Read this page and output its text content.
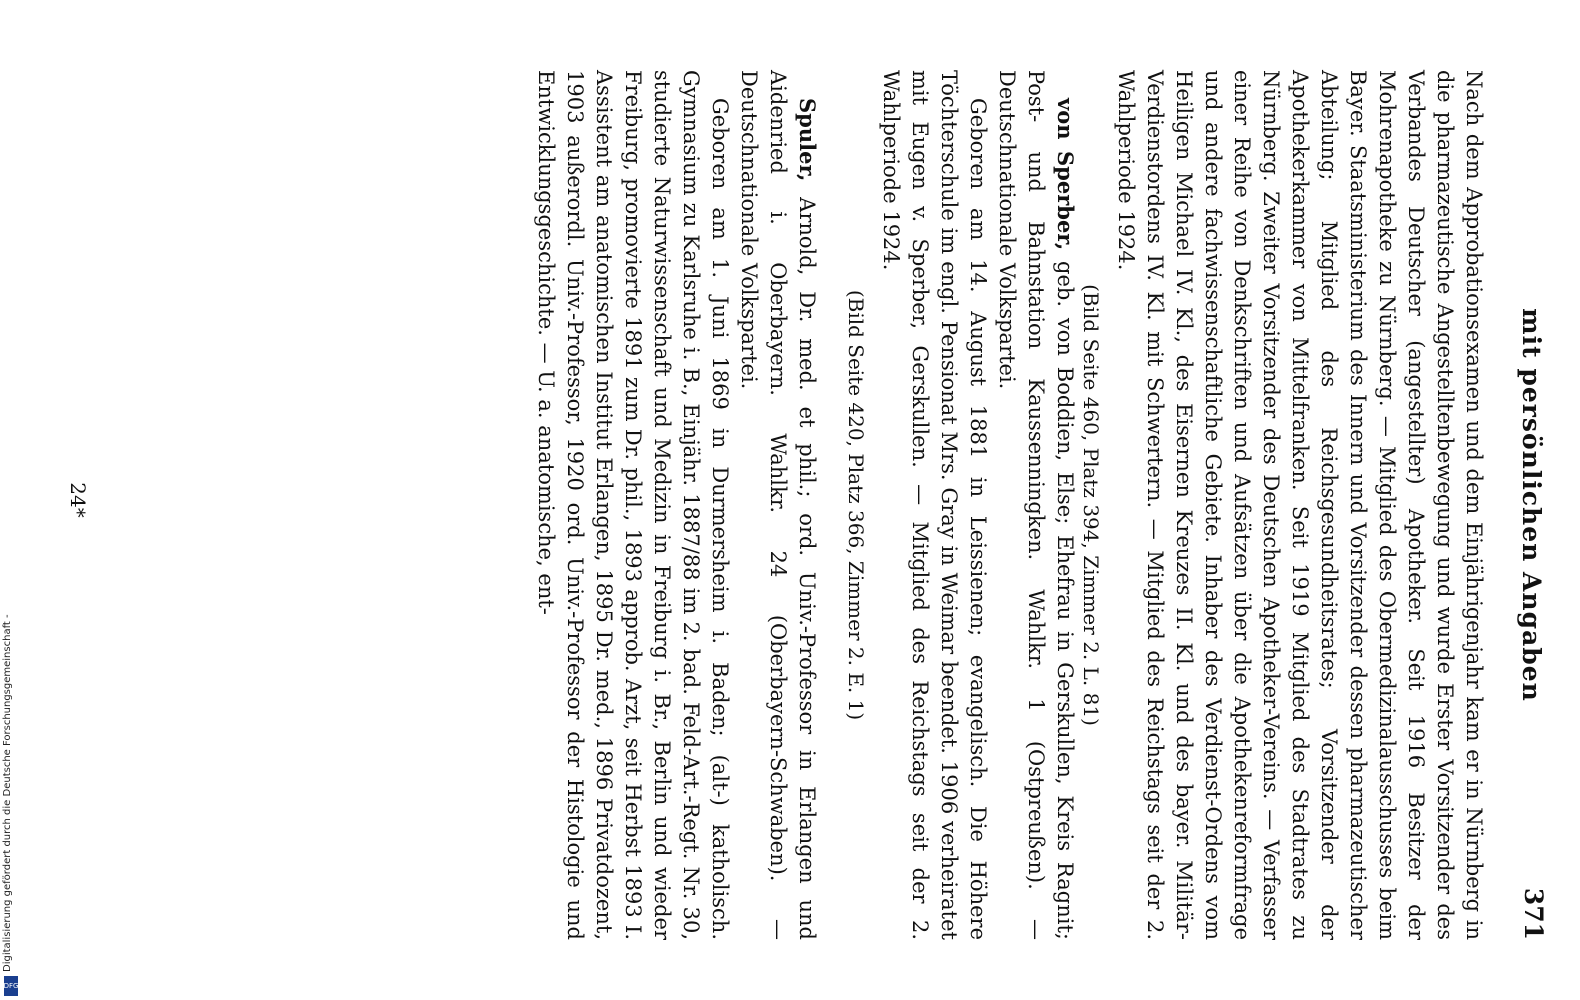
mit persönlichen Angaben
371

Nach dem Approbationsexamen und dem Einjährigenjahr kam er in Nürnberg in die pharmazeutische Angestelltenbewegung und wurde Erster Vorsitzender des Verbandes Deutscher (angestellter) Apotheker. Seit 1916 Besitzer der Mohrenapotheke zu Nürnberg. — Mitglied des Obermedizinalausschusses beim Bayer. Staatsministerium des Innern und Vorsitzender dessen pharmazeutischer Abteilung; Mitglied des Reichsgesundheitsrates; Vorsitzender der Apothekerkammer von Mittelfranken. Seit 1919 Mitglied des Stadtrates zu Nürnberg. Zweiter Vorsitzender des Deutschen Apotheker-Vereins. — Verfasser einer Reihe von Denkschriften und Aufsätzen über die Apothekenreformfrage und andere fachwissenschaftliche Gebiete. Inhaber des Verdienst-Ordens vom Heiligen Michael IV. Kl., des Eisernen Kreuzes II. Kl. und des bayer. Militär-Verdienstordens IV. Kl. mit Schwertern. — Mitglied des Reichstags seit der 2. Wahlperiode 1924.

(Bild Seite 460, Platz 394, Zimmer 2. L. 81)

von Sperber, geb. von Boddien, Else; Ehefrau in Gerskullen, Kreis Ragnit; Post- und Bahnstation Kaussenningken. Wahlkr. 1 (Ostpreußen). — Deutschnationale Volkspartei.

Geboren am 14. August 1881 in Leissienen; evangelisch. Die Höhere Töchterschule im engl. Pensionat Mrs. Gray in Weimar beendet. 1906 verheiratet mit Eugen v. Sperber, Gerskullen. — Mitglied des Reichstags seit der 2. Wahlperiode 1924.

(Bild Seite 420, Platz 366, Zimmer 2. E. 1)

Spuler, Arnold, Dr. med. et phil.; ord. Univ.-Professor in Erlangen und Aidenried i. Oberbayern. Wahlkr. 24 (Oberbayern-Schwaben). — Deutschnationale Volkspartei.

Geboren am 1. Juni 1869 in Durmersheim i. Baden; (alt-) katholisch. Gymnasium zu Karlsruhe i. B., Einjähr. 1887/88 im 2. bad. Feld-Art.-Regt. Nr. 30, studierte Naturwissenschaft und Medizin in Freiburg i. Br., Berlin und wieder Freiburg, promovierte 1891 zum Dr. phil., 1893 approb. Arzt, seit Herbst 1893 I. Assistent am anatomischen Institut Erlangen, 1895 Dr. med., 1896 Privatdozent, 1903 außerordl. Univ.-Professor, 1920 ord. Univ.-Professor der Histologie und Entwicklungsgeschichte. — U. a. anatomische, ent-

24*
Digitalisierung gefördert durch die Deutsche Forschungsgemeinschaft -
DFG
